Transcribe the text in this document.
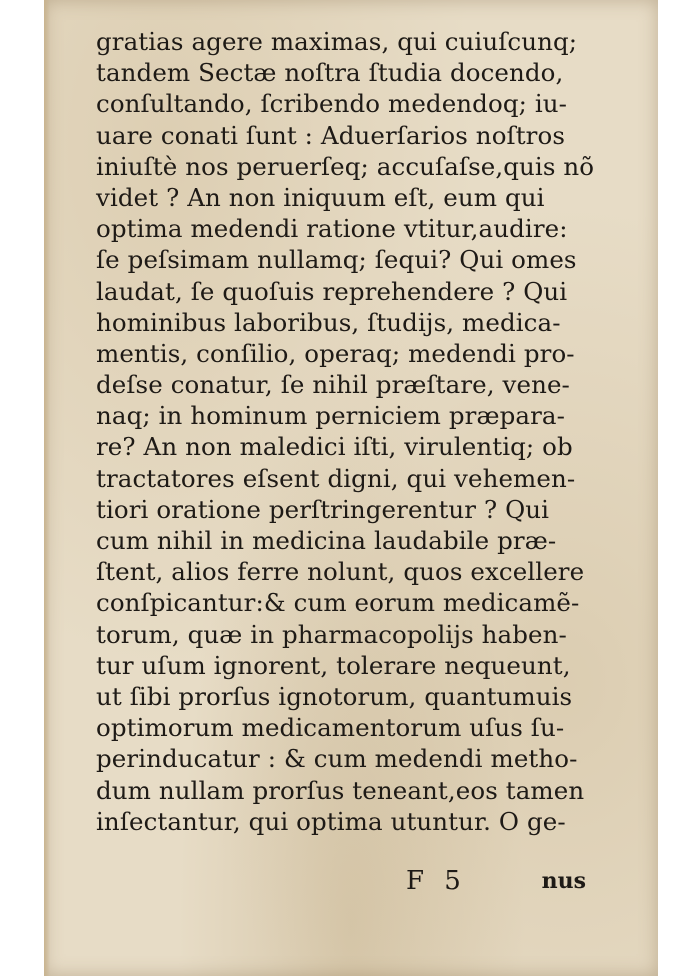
gratias agere maximas, qui cuiuſcunq;
tandem Sectæ noſtra ſtudia docendo,
conſultando, ſcribendo medendoq; iu-
uare conati ſunt : Aduerſarios noſtros
iniuſtè nos peruerſeq; accuſaſse,quis nõ
videt ? An non iniquum eſt, eum qui
optima medendi ratione vtitur,audire:
ſe peſsimam nullamq; ſequi? Qui omes
laudat, ſe quoſuis reprehendere ? Qui
hominibus laboribus, ſtudijs, medica-
mentis, conſilio, operaq; medendi pro-
deſse conatur, ſe nihil præſtare, vene-
naq; in hominum perniciem præpara-
re? An non maledici iſti, virulentiq; ob
tractatores eſsent digni, qui vehemen-
tiori oratione perſtringerentur ? Qui
cum nihil in medicina laudabile præ-
ſtent, alios ferre nolunt, quos excellere
conſpicantur:& cum eorum medicamẽ-
torum, quæ in pharmacopolijs haben-
tur uſum ignorent, tolerare nequeunt,
ut ſibi prorſus ignotorum, quantumuis
optimorum medicamentorum uſus ſu-
perinducatur : & cum medendi metho-
dum nullam prorſus teneant,eos tamen
inſectantur, qui optima utuntur. O ge-
F 5	nus
